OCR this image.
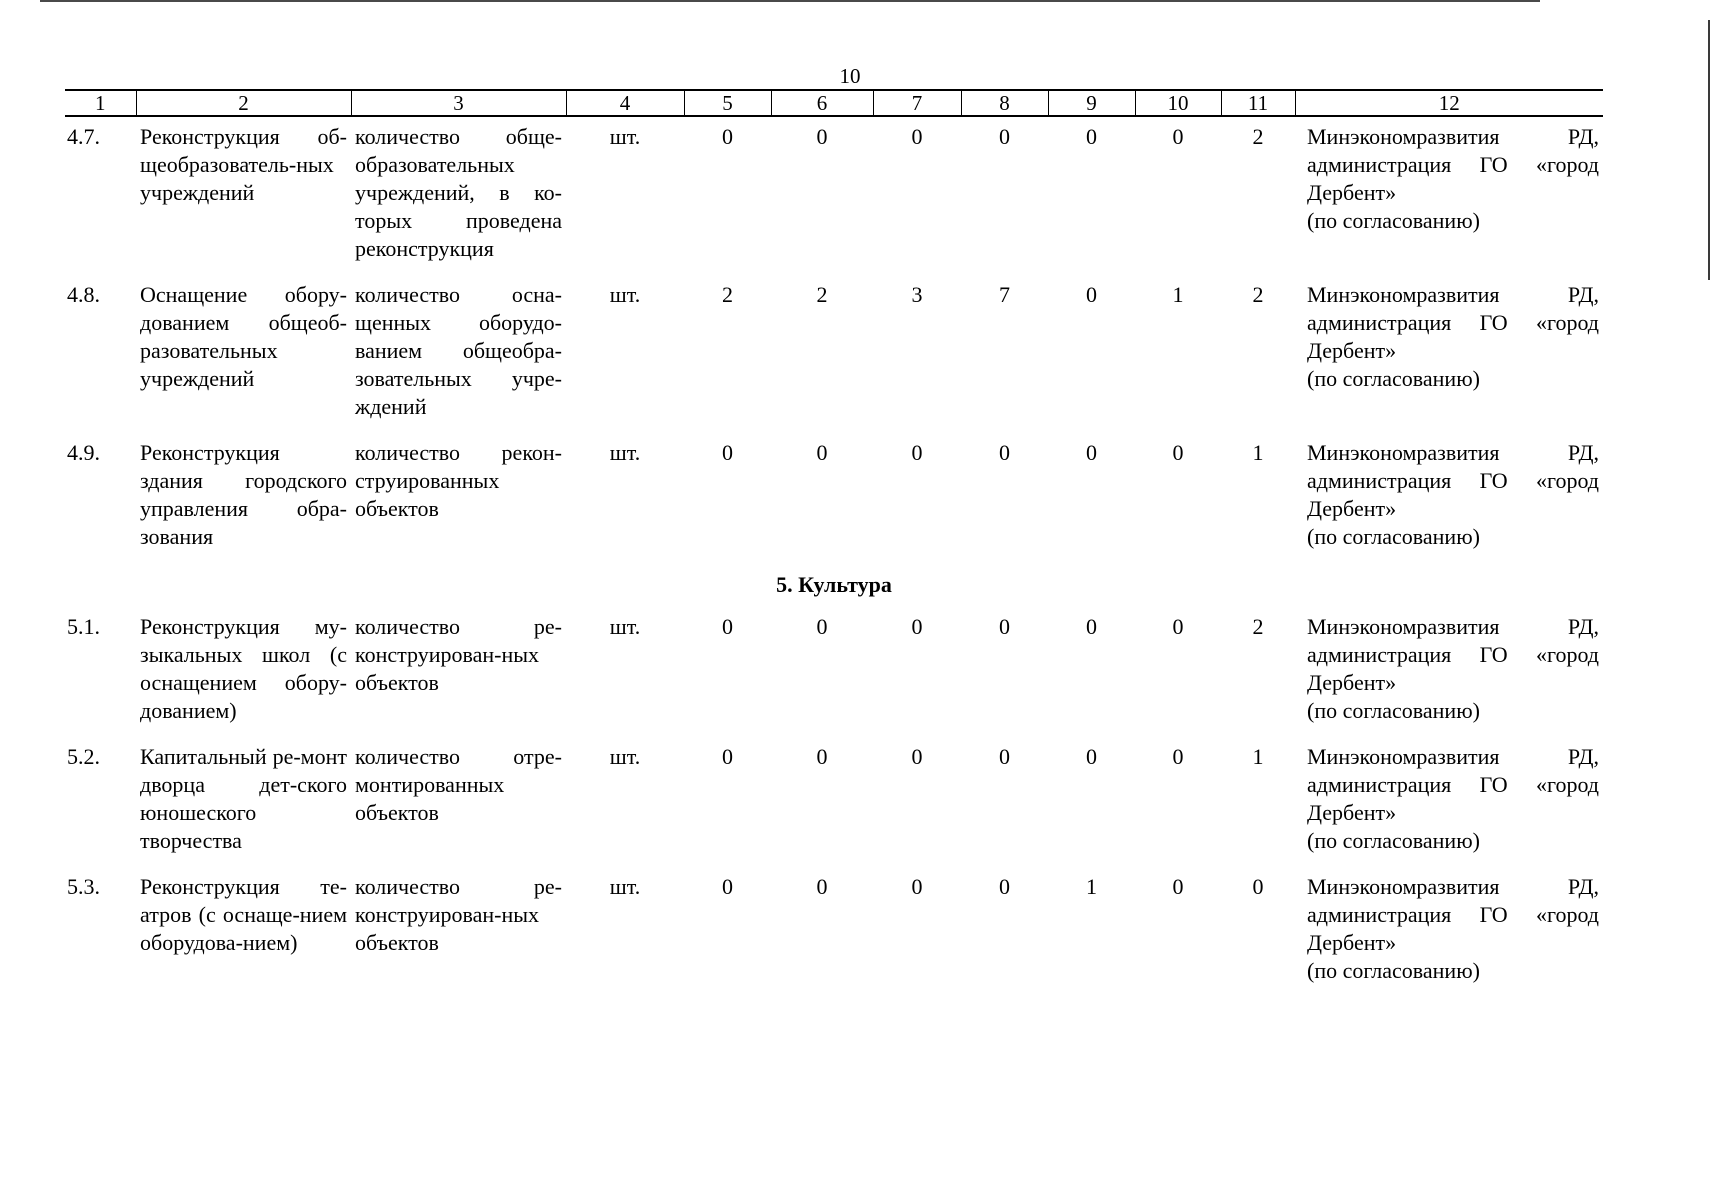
10
1	2	3	4	5	6	7	8	9	10	11	12
4.7.	Реконструкция об-щеобразователь-ных учреждений	количество обще-образовательных учреждений, в ко-торых проведена реконструкция	шт.	0	0	0	0	0	0	2	Минэкономразвития РД, администрация ГО «город Дербент»
(по согласованию)

4.8.	Оснащение обору-дованием общеоб-разовательных учреждений	количество осна-щенных оборудо-ванием общеобра-зовательных учре-ждений	шт.	2	2	3	7	0	1	2	Минэкономразвития РД, администрация ГО «город Дербент»
(по согласованию)

4.9.	Реконструкция здания городского управления обра-зования	количество рекон-струированных объектов	шт.	0	0	0	0	0	0	1	Минэкономразвития РД, администрация ГО «город Дербент»
(по согласованию)

5. Культура											
5.1.	Реконструкция му-зыкальных школ (с оснащением обору-дованием)	количество ре-конструирован-ных объектов	шт.	0	0	0	0	0	0	2	Минэкономразвития РД, администрация ГО «город Дербент»
(по согласованию)

5.2.	Капитальный ре-монт дворца дет-ского юношеского творчества	количество отре-монтированных объектов	шт.	0	0	0	0	0	0	1	Минэкономразвития РД, администрация ГО «город Дербент»
(по согласованию)

5.3.	Реконструкция те-атров (с оснаще-нием оборудова-нием)	количество ре-конструирован-ных объектов	шт.	0	0	0	0	1	0	0	Минэкономразвития РД, администрация ГО «город Дербент»
(по согласованию)
